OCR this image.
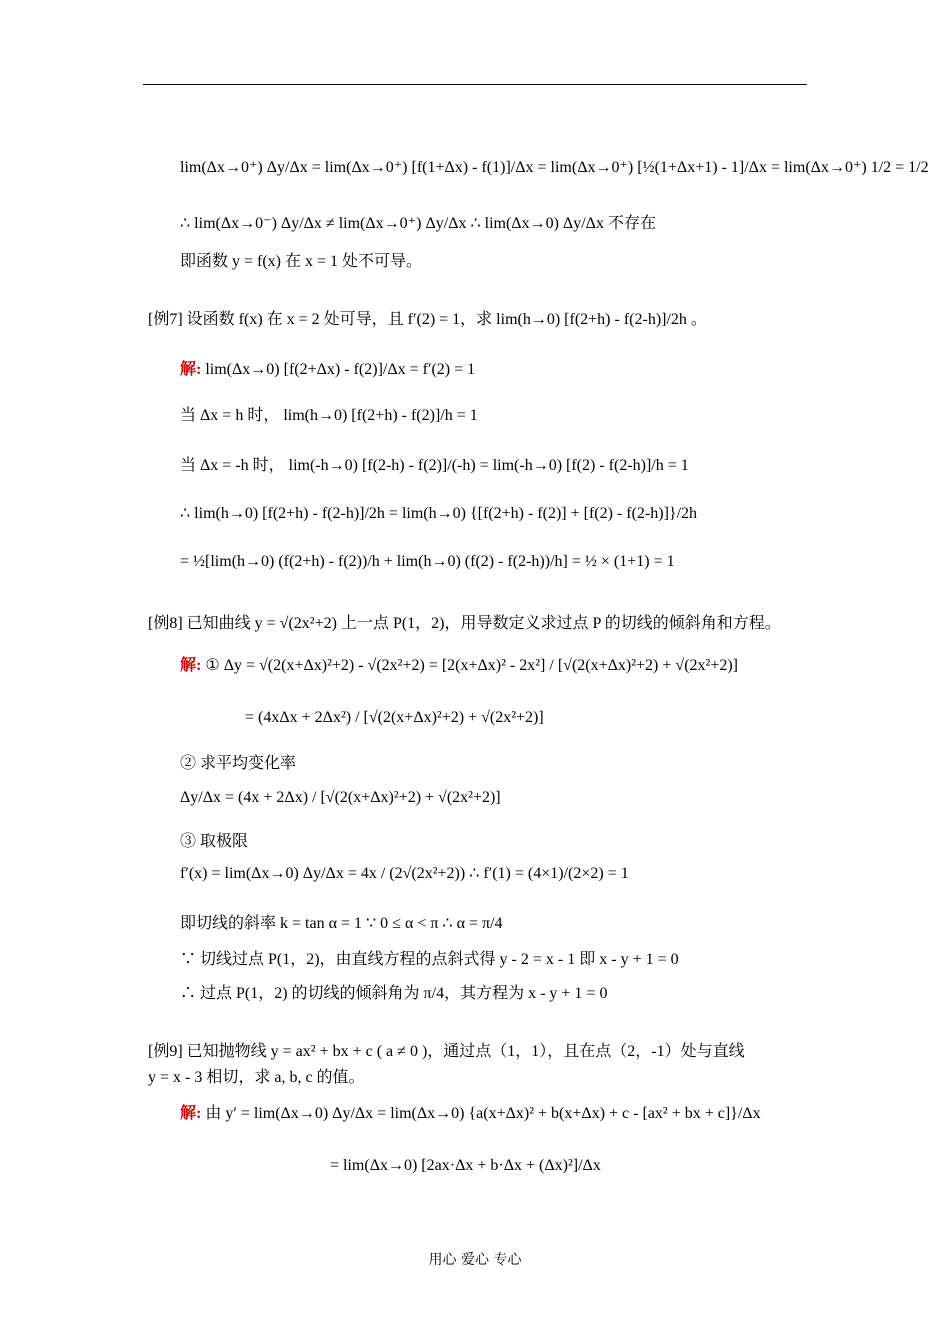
lim(Δx→0⁺) Δy/Δx = lim(Δx→0⁺) [f(1+Δx) - f(1)]/Δx = lim(Δx→0⁺) [½(1+Δx+1) - 1]/Δx = lim(Δx→0⁺) 1/2 = 1/2
∴ lim(Δx→0⁻) Δy/Δx ≠ lim(Δx→0⁺) Δy/Δx ∴ lim(Δx→0) Δy/Δx 不存在
即函数 y = f(x) 在 x = 1 处不可导。
[例7] 设函数 f(x) 在 x = 2 处可导，且 f′(2) = 1，求 lim(h→0) [f(2+h) - f(2-h)]/2h 。
解: lim(Δx→0) [f(2+Δx) - f(2)]/Δx = f′(2) = 1
当 Δx = h 时， lim(h→0) [f(2+h) - f(2)]/h = 1
当 Δx = -h 时， lim(-h→0) [f(2-h) - f(2)]/(-h) = lim(-h→0) [f(2) - f(2-h)]/h = 1
∴ lim(h→0) [f(2+h) - f(2-h)]/2h = lim(h→0) {[f(2+h) - f(2)] + [f(2) - f(2-h)]}/2h
= ½[lim(h→0) (f(2+h) - f(2))/h + lim(h→0) (f(2) - f(2-h))/h] = ½ × (1+1) = 1
[例8] 已知曲线 y = √(2x²+2) 上一点 P(1，2)，用导数定义求过点 P 的切线的倾斜角和方程。
解: ① Δy = √(2(x+Δx)²+2) - √(2x²+2) = [2(x+Δx)² - 2x²] / [√(2(x+Δx)²+2) + √(2x²+2)]
= (4xΔx + 2Δx²) / [√(2(x+Δx)²+2) + √(2x²+2)]
② 求平均变化率
Δy/Δx = (4x + 2Δx) / [√(2(x+Δx)²+2) + √(2x²+2)]
③ 取极限
f′(x) = lim(Δx→0) Δy/Δx = 4x / (2√(2x²+2)) ∴ f′(1) = (4×1)/(2×2) = 1
即切线的斜率 k = tan α = 1 ∵ 0 ≤ α < π ∴ α = π/4
∵ 切线过点 P(1，2)，由直线方程的点斜式得 y - 2 = x - 1 即 x - y + 1 = 0
∴ 过点 P(1，2) 的切线的倾斜角为 π/4，其方程为 x - y + 1 = 0
[例9] 已知抛物线 y = ax² + bx + c ( a ≠ 0 )，通过点（1，1），且在点（2，-1）处与直线
y = x - 3 相切，求 a, b, c 的值。
解: 由 y′ = lim(Δx→0) Δy/Δx = lim(Δx→0) {a(x+Δx)² + b(x+Δx) + c - [ax² + bx + c]}/Δx
= lim(Δx→0) [2ax·Δx + b·Δx + (Δx)²]/Δx
用心 爱心 专心
